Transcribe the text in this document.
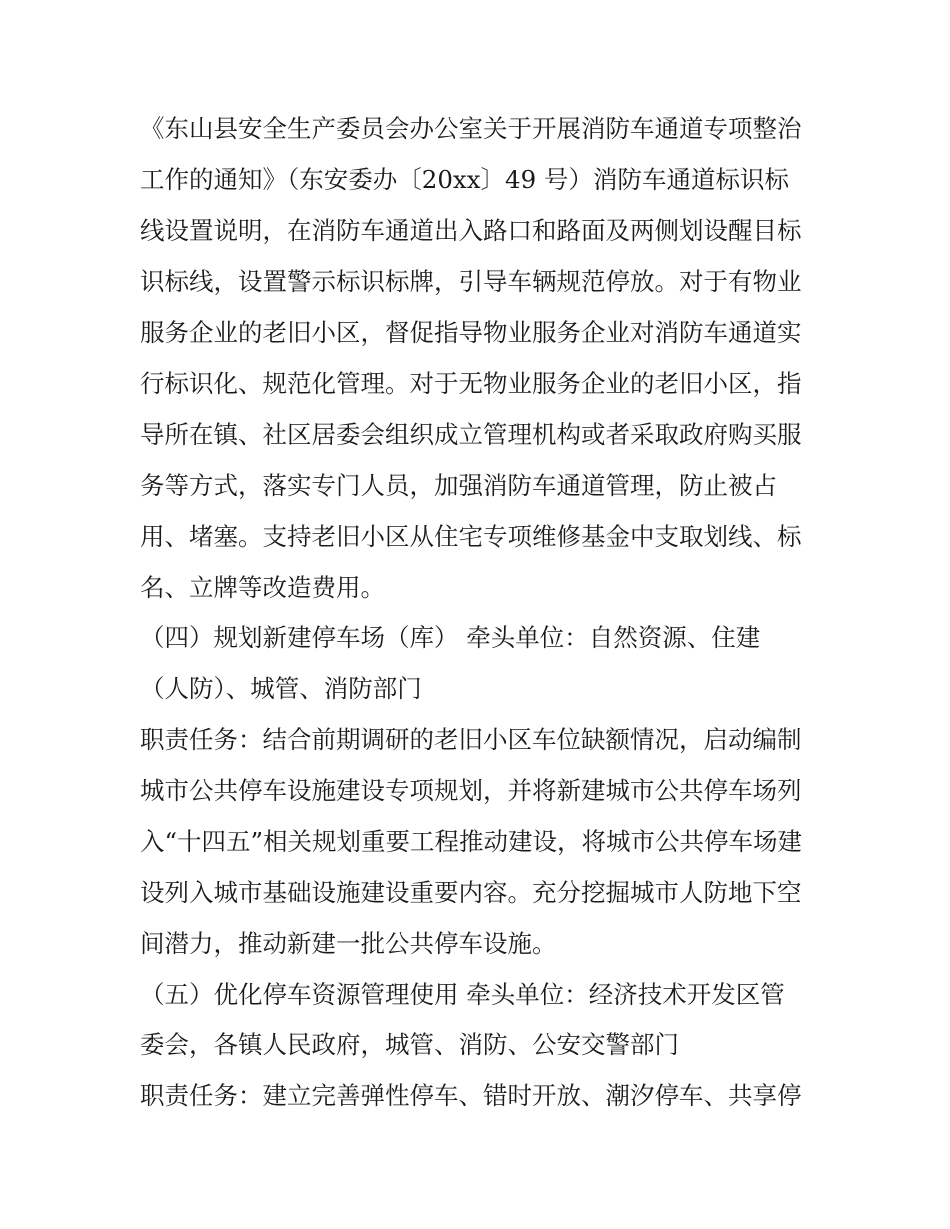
《东山县安全生产委员会办公室关于开展消防车通道专项整治

工作的通知》（东安委办〔20xx〕49 号）消防车通道标识标

线设置说明，在消防车通道出入路口和路面及两侧划设醒目标

识标线，设置警示标识标牌，引导车辆规范停放。对于有物业

服务企业的老旧小区，督促指导物业服务企业对消防车通道实

行标识化、规范化管理。对于无物业服务企业的老旧小区，指

导所在镇、社区居委会组织成立管理机构或者采取政府购买服

务等方式，落实专门人员，加强消防车通道管理，防止被占

用、堵塞。支持老旧小区从住宅专项维修基金中支取划线、标

名、立牌等改造费用。

（四）规划新建停车场（库） 牵头单位：自然资源、住建

（人防）、城管、消防部门

职责任务：结合前期调研的老旧小区车位缺额情况，启动编制

城市公共停车设施建设专项规划，并将新建城市公共停车场列

入“十四五”相关规划重要工程推动建设，将城市公共停车场建

设列入城市基础设施建设重要内容。充分挖掘城市人防地下空

间潜力，推动新建一批公共停车设施。

（五）优化停车资源管理使用 牵头单位：经济技术开发区管

委会，各镇人民政府，城管、消防、公安交警部门

职责任务：建立完善弹性停车、错时开放、潮汐停车、共享停
